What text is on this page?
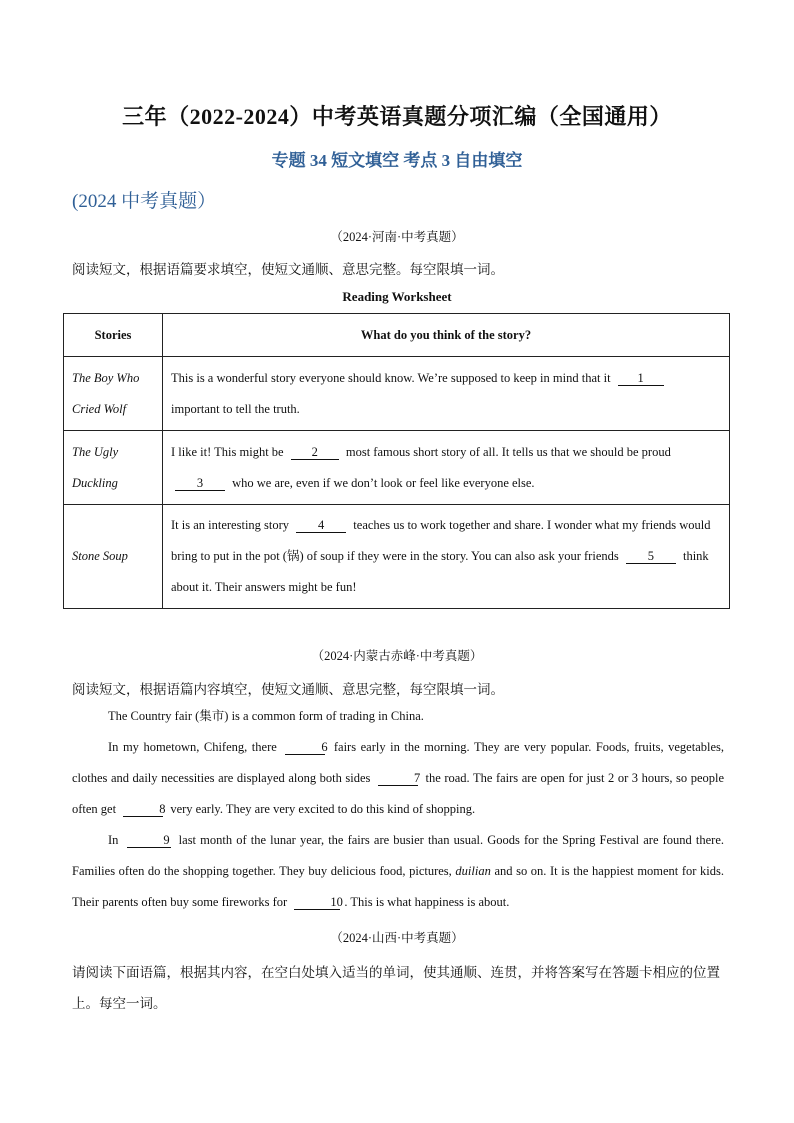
三年（2022-2024）中考英语真题分项汇编（全国通用）
专题 34 短文填空 考点 3 自由填空
(2024 中考真题）
（2024·河南·中考真题）
阅读短文，根据语篇要求填空，使短文通顺、意思完整。每空限填一词。
Reading Worksheet
Stories	What do you think of the story?
The Boy Who
Cried Wolf	This is a wonderful story everyone should know. We’re supposed to keep in mind that it 1
important to tell the truth.
The Ugly
Duckling	I like it! This might be 2 most famous short story of all. It tells us that we should be proud 3 who we are, even if we don’t look or feel like everyone else.
Stone Soup	It is an interesting story 4 teaches us to work together and share. I wonder what my friends would bring to put in the pot (锅) of soup if they were in the story. You can also ask your friends 5 think about it. Their answers might be fun!
（2024·内蒙古赤峰·中考真题）
阅读短文，根据语篇内容填空，使短文通顺、意思完整，每空限填一词。

The Country fair (集市) is a common form of trading in China.

In my hometown, Chifeng, there	6 fairs early in the morning. They are very popular. Foods, fruits, vegetables, clothes and daily necessities are displayed along both sides	7 the road. The fairs are open for just 2 or 3 hours, so people often get	8 very early. They are very excited to do this kind of shopping.

In	9 last month of the lunar year, the fairs are busier than usual. Goods for the Spring Festival are found there. Families often do the shopping together. They buy delicious food, pictures, duilian and so on. It is the happiest moment for kids. Their parents often buy some fireworks for	10 . This is what happiness is about.

（2024·山西·中考真题）
请阅读下面语篇，根据其内容，在空白处填入适当的单词，使其通顺、连贯，并将答案写在答题卡相应的位置上。每空一词。
